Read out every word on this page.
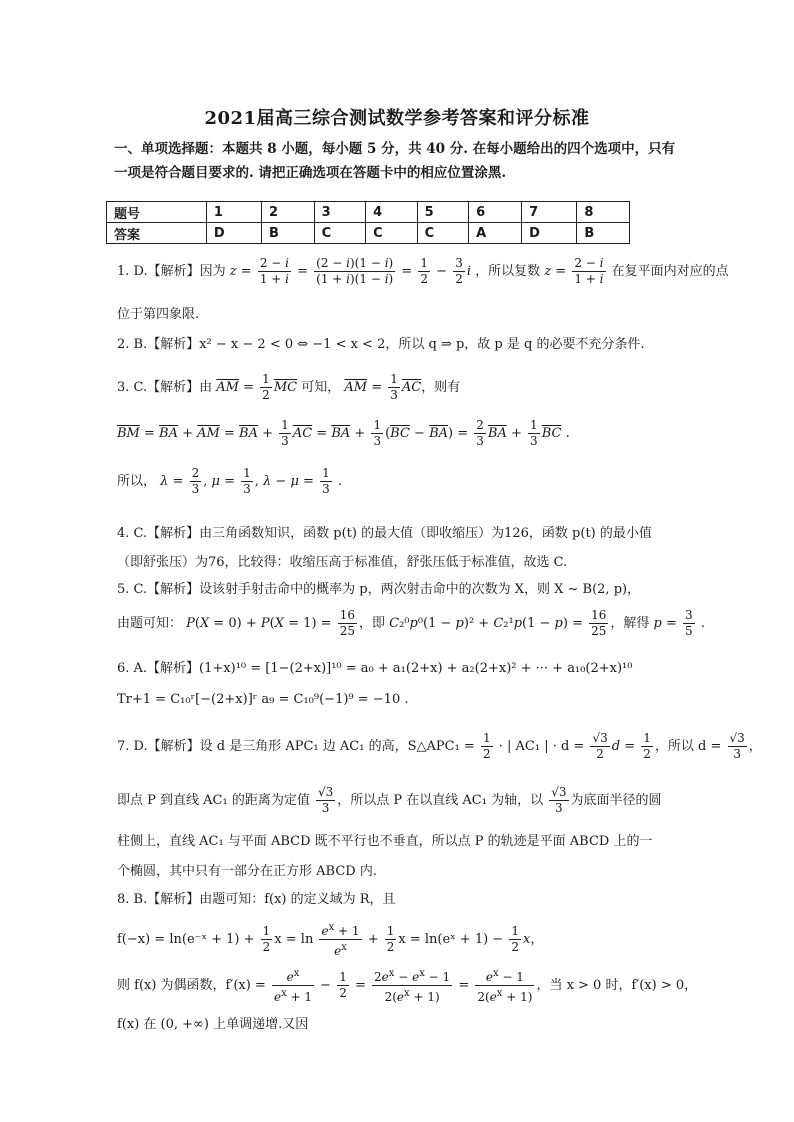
2021届高三综合测试数学参考答案和评分标准
一、单项选择题：本题共 8 小题，每小题 5 分，共 40 分. 在每小题给出的四个选项中，只有
一项是符合题目要求的. 请把正确选项在答题卡中的相应位置涂黑.
题号	1	2	3	4	5	6	7	8
答案	D	B	C	C	C	A	D	B
1. D.【解析】因为 $z = \frac{2 - i}{1 + i} = \frac{(2 - i)(1 - i)}{(1 + i)(1 - i)} = \frac{1}{2} - \frac{3}{2}$ i ，所以复数 $z = \frac{2 - i}{1 + i}$ 在复平面内对应的点
位于第四象限.
2. B.【解析】x² − x − 2 < 0 ⇔ −1 < x < 2，所以 q ⇒ p，故 p 是 q 的必要不充分条件.
3. C.【解析】由 $\overline{AM} = \frac{1}{2} \overline{MC}$ 可知， $\overline{AM} = \frac{1}{3} \overline{AC}$，则有
$\overline{BM} = \overline{BA} + \overline{AM} = \overline{BA} + \frac{1}{3} \overline{AC} = \overline{BA} + \frac{1}{3} (\overline{BC} - \overline{BA}) = \frac{2}{3} \overline{BA} + \frac{1}{3} \overline{BC}$ .
所以， $\lambda = \frac{2}{3}$ , $\mu = \frac{1}{3}$ , $\lambda - \mu = \frac{1}{3}$ .
4. C.【解析】由三角函数知识，函数 p(t) 的最大值（即收缩压）为126，函数 p(t) 的最小值
（即舒张压）为76，比较得：收缩压高于标准值，舒张压低于标准值，故选 C.
5. C.【解析】设该射手射击命中的概率为 p，两次射击命中的次数为 X，则 X ~ B(2, p)，
由题可知： $P(X = 0) + P(X = 1) = \frac{16}{25}$ ，即 $C_2^0p^0(1 - p)^2 + C_2^1p(1 - p) = \frac{16}{25}$ ，解得 $p = \frac{3}{5}$ .
6. A.【解析】(1+x)¹⁰ = [1−(2+x)]¹⁰ = a₀ + a₁(2+x) + a₂(2+x)² + ··· + a₁₀(2+x)¹⁰
Tr+1 = C₁₀ʳ[−(2+x)]ʳ a₉ = C₁₀⁹(−1)⁹ = −10 .
7. D.【解析】设 d 是三角形 APC₁ 边 AC₁ 的高，S△APC₁ = $\frac{1}{2}$ · | AC₁ | · $d = \frac{√3}{2}$ $d = \frac{1}{2}$ ，所以 $d = \frac{√3}{3}$ ，
即点 P 到直线 AC₁ 的距离为定值 $\frac{√3}{3}$ ，所以点 P 在以直线 AC₁ 为轴，以 $\frac{√3}{3}$ 为底面半径的圆
柱侧上，直线 AC₁ 与平面 ABCD 既不平行也不垂直，所以点 P 的轨迹是平面 ABCD 上的一
个椭圆，其中只有一部分在正方形 ABCD 内.
8. B.【解析】由题可知：f(x) 的定义域为 R，且
f(−x) = ln(e⁻ˣ + $1) + \frac{1}{2}$ $x = \ln \frac{e^x + 1}{e^x} + \frac{1}{2}$ x = ln(eˣ + $1) - \frac{1}{2}$ x，
则 f(x) 为偶函数，$f'(x) = \frac{e^x}{e^x + 1} - \frac{1}{2} = \frac{2e^x - e^x - 1}{2(e^x + 1)} = \frac{e^x - 1}{2(e^x + 1)}$ ，当 x > 0 时，f′(x) > 0，
f(x) 在 (0, +∞) 上单调递增.又因
